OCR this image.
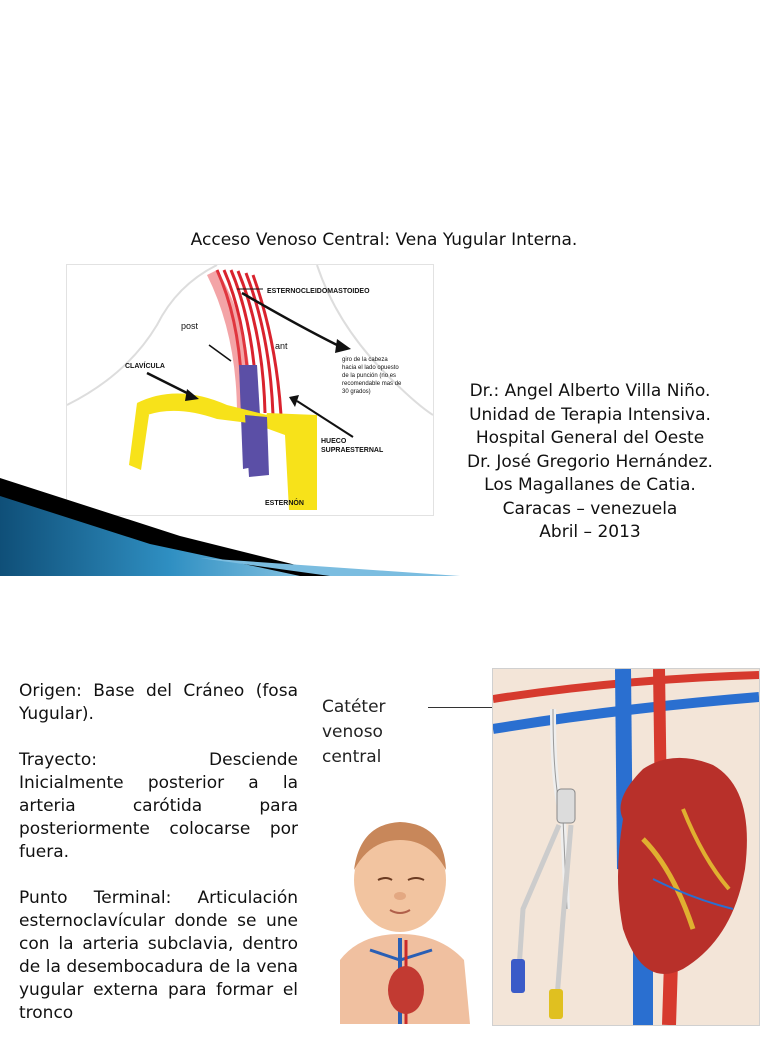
Acceso Venoso Central: Vena Yugular Interna.
ESTERNOCLEIDOMASTOIDEO
post
ant
CLAVÍCULA
giro de la cabeza
hacia el lado opuesto
de la punción (no es
recomendable mas de
30 grados)
HUECO
SUPRAESTERNAL
ESTERNÓN
Dr.: Angel Alberto Villa Niño.
Unidad de Terapia Intensiva.
Hospital General del Oeste
Dr. José Gregorio Hernández.
Los Magallanes de Catia.
Caracas – venezuela
Abril – 2013

Origen: Base del Cráneo (fosa Yugular).

Trayecto: Desciende Inicialmente posterior a la arteria carótida para posteriormente colocarse por fuera.

Punto Terminal: Articulación esternoclavícular donde se une con la arteria subclavia, dentro de la desembocadura de la vena yugular externa para formar el tronco

Catéter venoso central
